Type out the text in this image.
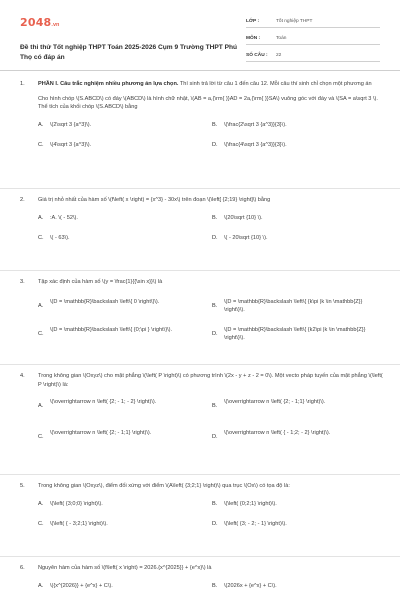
2048.vn
Đề thi thử Tốt nghiệp THPT Toán 2025-2026 Cụm 9 Trường THPT Phú Thọ có đáp án
LỚP :	Tốt nghiệp THPT
MÔN :	Toán
SỐ CÂU :	22
1.	PHẦN I. Câu trắc nghiệm nhiều phương án lựa chọn. Thí sinh trả lời từ câu 1 đến câu 12. Mỗi câu thí sinh chỉ chọn một phương án
Cho hình chóp \(S.ABCD\) có đáy \(ABCD\) là hình chữ nhật, \(AB = a,{\rm{ }}AD = 2a,{\rm{ }}SA\) vuông góc với đáy và \(SA = a\sqrt 3 \). Thể tích của khối chóp \(S.ABCD\) bằng
A.	\(2\sqrt 3 {a^3}\).	B.	\(\frac{2\sqrt 3 {a^3}}{3}\).
C.	\(4\sqrt 3 {a^3}\).	D.	\(\frac{4\sqrt 3 {a^3}}{3}\).
2.	Giá trị nhỏ nhất của hàm số \(f\left( x \right) = {x^3} - 30x\) trên đoạn \(\left[ {2;19} \right]\) bằng
A.	:A. \( - 52\).	B.	\(20\sqrt {10} \).
C.	\( - 63\).	D.	\( - 20\sqrt {10} \).
3.	Tập xác định của hàm số \(y = \frac{1}{{\sin x}}\) là
A.
\(D = \mathbb{R}\backslash \left\{ 0 \right\}\).
B.
\(D = \mathbb{R}\backslash \left\{ {k\pi |k \in \mathbb{Z}} \right\}\).
C.
\(D = \mathbb{R}\backslash \left\{ {0;\pi } \right\}\).
D.
\(D = \mathbb{R}\backslash \left\{ {k2\pi |k \in \mathbb{Z}} \right\}\).
4.	Trong không gian \(Oxyz\) cho mặt phẳng \(\left( P \right)\) có phương trình \(2x - y + z - 2 = 0\). Một vecto pháp tuyến của mặt phẳng \(\left( P \right)\) là:
A.
\(\overrightarrow n \left( {2; - 1; - 2} \right)\).
B.
\(\overrightarrow n \left( {2; - 1;1} \right)\).
C.
\(\overrightarrow n \left( {2; - 1;1} \right)\).
D.
\(\overrightarrow n \left( { - 1;2; - 2} \right)\).
5.	Trong không gian \(Oxyz\), điểm đối xứng với điểm \(A\left( {3;2;1} \right)\) qua trục \(Ox\) có tọa độ là:
A.	\(\left( {3;0;0} \right)\).	B.	\(\left( {0;2;1} \right)\).
C.	\(\left( { - 3;2;1} \right)\).	D.	\(\left( {3; - 2; - 1} \right)\).
6.	Nguyên hàm của hàm số \(f\left( x \right) = 2026.{x^{2025}} + {e^x}\) là
A.	\({x^{2026}} + {e^x} + C\).	B.	\(2026x + {e^x} + C\).
